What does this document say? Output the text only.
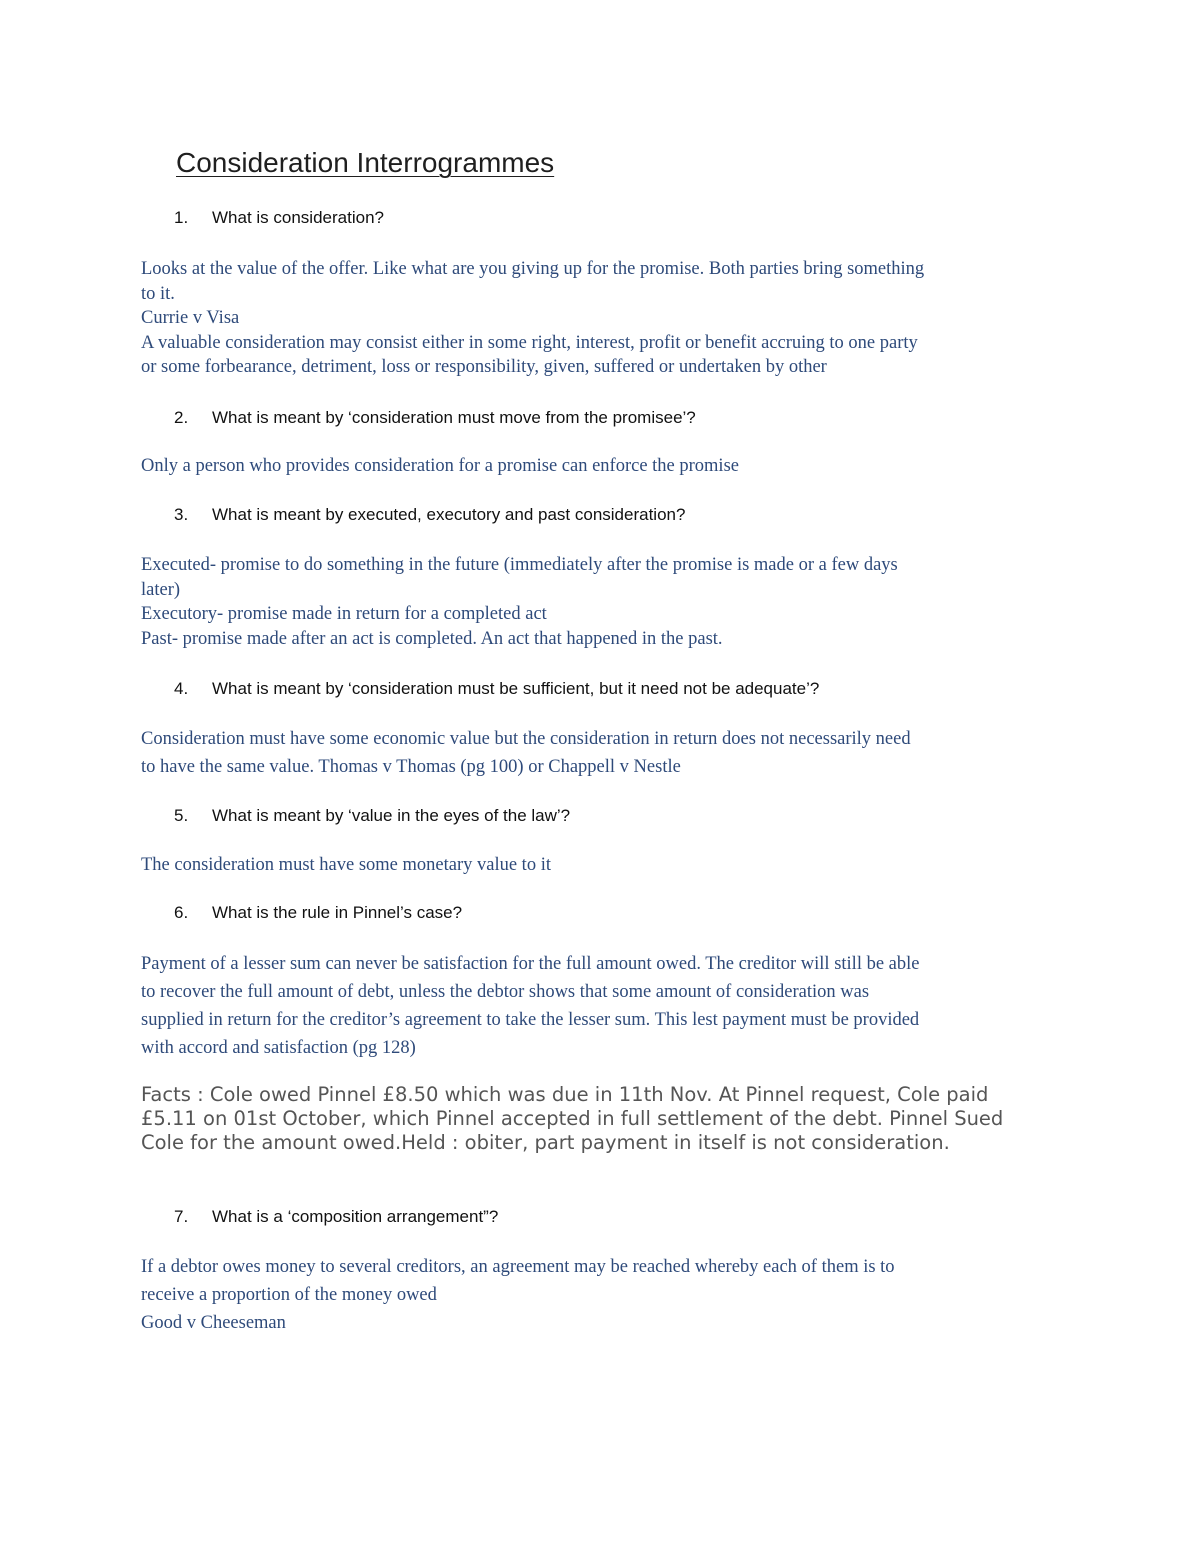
Consideration Interrogrammes
1. What is consideration?
Looks at the value of the offer. Like what are you giving up for the promise. Both parties bring something
to it.
Currie v Visa
A valuable consideration may consist either in some right, interest, profit or benefit accruing to one party
or some forbearance, detriment, loss or responsibility, given, suffered or undertaken by other
2. What is meant by ‘consideration must move from the promisee’?
Only a person who provides consideration for a promise can enforce the promise
3. What is meant by executed, executory and past consideration?
Executed- promise to do something in the future (immediately after the promise is made or a few days
later)
Executory- promise made in return for a completed act
Past- promise made after an act is completed. An act that happened in the past.
4. What is meant by ‘consideration must be sufficient, but it need not be adequate’?
Consideration must have some economic value but the consideration in return does not necessarily need
to have the same value. Thomas v Thomas (pg 100) or Chappell v Nestle
5. What is meant by ‘value in the eyes of the law’?
The consideration must have some monetary value to it
6. What is the rule in Pinnel’s case?
Payment of a lesser sum can never be satisfaction for the full amount owed. The creditor will still be able
to recover the full amount of debt, unless the debtor shows that some amount of consideration was
supplied in return for the creditor’s agreement to take the lesser sum. This lest payment must be provided
with accord and satisfaction (pg 128)
Facts : Cole owed Pinnel £8.50 which was due in 11th Nov. At Pinnel request, Cole paid
£5.11 on 01st October, which Pinnel accepted in full settlement of the debt. Pinnel Sued
Cole for the amount owed.Held : obiter, part payment in itself is not consideration.
7. What is a ‘composition arrangement”?
If a debtor owes money to several creditors, an agreement may be reached whereby each of them is to
receive a proportion of the money owed
Good v Cheeseman
